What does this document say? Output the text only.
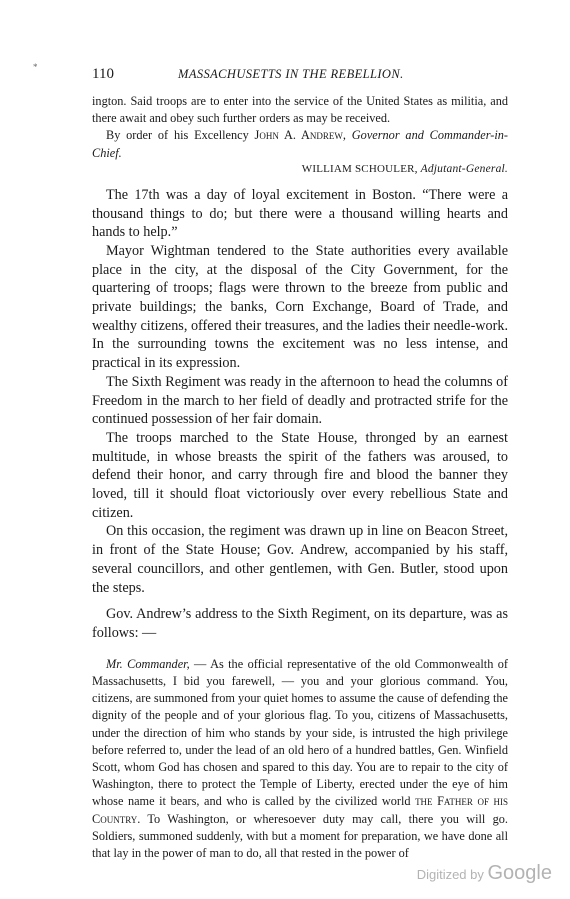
*	110	MASSACHUSETTS IN THE REBELLION.

ington. Said troops are to enter into the service of the United States as militia, and there await and obey such further orders as may be received.

By order of his Excellency John A. Andrew, Governor and Commander-in-Chief.

WILLIAM SCHOULER, Adjutant-General.

The 17th was a day of loyal excitement in Boston. “There were a thousand things to do; but there were a thousand willing hearts and hands to help.”

Mayor Wightman tendered to the State authorities every available place in the city, at the disposal of the City Government, for the quartering of troops; flags were thrown to the breeze from public and private buildings; the banks, Corn Exchange, Board of Trade, and wealthy citizens, offered their treasures, and the ladies their needle-work. In the surrounding towns the excitement was no less intense, and practical in its expression.

The Sixth Regiment was ready in the afternoon to head the columns of Freedom in the march to her field of deadly and protracted strife for the continued possession of her fair domain.

The troops marched to the State House, thronged by an earnest multitude, in whose breasts the spirit of the fathers was aroused, to defend their honor, and carry through fire and blood the banner they loved, till it should float victoriously over every rebellious State and citizen.

On this occasion, the regiment was drawn up in line on Beacon Street, in front of the State House; Gov. Andrew, accompanied by his staff, several councillors, and other gentlemen, with Gen. Butler, stood upon the steps.

Gov. Andrew’s address to the Sixth Regiment, on its departure, was as follows: —

Mr. Commander, — As the official representative of the old Commonwealth of Massachusetts, I bid you farewell, — you and your glorious command. You, citizens, are summoned from your quiet homes to assume the cause of defending the dignity of the people and of your glorious flag. To you, citizens of Massachusetts, under the direction of him who stands by your side, is intrusted the high privilege before referred to, under the lead of an old hero of a hundred battles, Gen. Winfield Scott, whom God has chosen and spared to this day. You are to repair to the city of Washington, there to protect the Temple of Liberty, erected under the eye of him whose name it bears, and who is called by the civilized world the Father of his Country. To Washington, or wheresoever duty may call, there you will go. Soldiers, summoned suddenly, with but a moment for preparation, we have done all that lay in the power of man to do, all that rested in the power of

Digitized by Google
